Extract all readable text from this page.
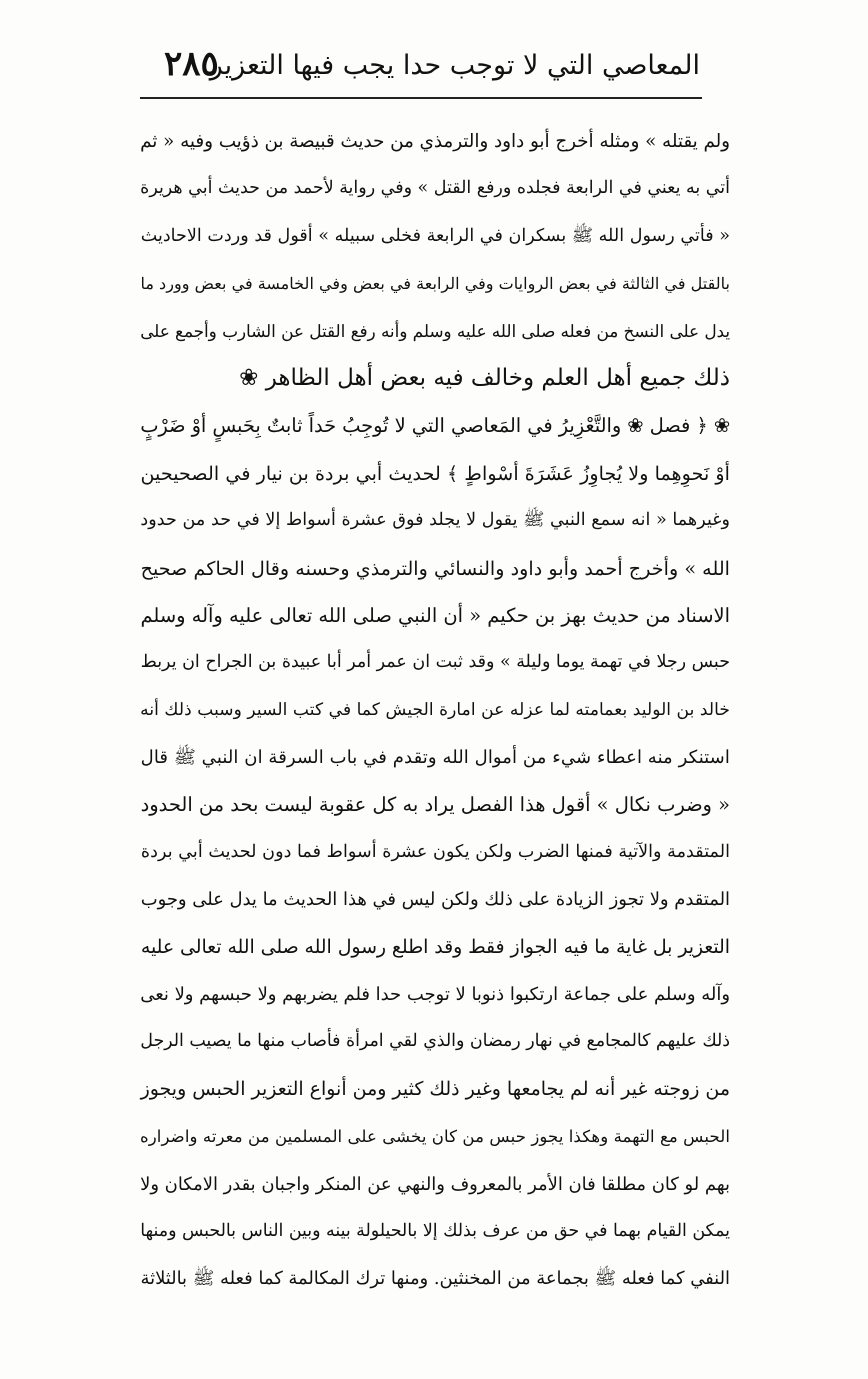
المعاصي التي لا توجب حدا يجب فيها التعزير
٢٨٥
ولم يقتله » ومثله أخرج أبو داود والترمذي من حديث قبيصة بن ذؤيب وفيه « ثم
أتي به يعني في الرابعة فجلده ورفع القتل » وفي رواية لأحمد من حديث أبي هريرة
« فأتي رسول الله ﷺ بسكران في الرابعة فخلى سبيله » أقول قد وردت الاحاديث
بالقتل في الثالثة في بعض الروايات وفي الرابعة في بعض وفي الخامسة في بعض وورد ما
يدل على النسخ من فعله صلى الله عليه وسلم وأنه رفع القتل عن الشارب وأجمع على
ذلك جميع أهل العلم وخالف فيه بعض أهل الظاهر ❀
❀ ﴿ فصل ❀ والتَّعْزِيرُ في المَعاصي التي لا تُوجِبُ حَداً ثابتٌ بِحَبسٍ أوْ ضَرْبٍ
أوْ نَحوِهِما ولا يُجاوِزُ عَشَرَةَ أسْواطٍ ﴾ لحديث أبي بردة بن نيار في الصحيحين
وغيرهما « انه سمع النبي ﷺ يقول لا يجلد فوق عشرة أسواط إلا في حد من حدود
الله » وأخرج أحمد وأبو داود والنسائي والترمذي وحسنه وقال الحاكم صحيح
الاسناد من حديث بهز بن حكيم « أن النبي صلى الله تعالى عليه وآله وسلم
حبس رجلا في تهمة يوما وليلة » وقد ثبت ان عمر أمر أبا عبيدة بن الجراح ان يربط
خالد بن الوليد بعمامته لما عزله عن امارة الجيش كما في كتب السير وسبب ذلك أنه
استنكر منه اعطاء شيء من أموال الله وتقدم في باب السرقة ان النبي ﷺ قال
« وضرب نكال » أقول هذا الفصل يراد به كل عقوبة ليست بحد من الحدود
المتقدمة والآتية فمنها الضرب ولكن يكون عشرة أسواط فما دون لحديث أبي بردة
المتقدم ولا تجوز الزيادة على ذلك ولكن ليس في هذا الحديث ما يدل على وجوب
التعزير بل غاية ما فيه الجواز فقط وقد اطلع رسول الله صلى الله تعالى عليه
وآله وسلم على جماعة ارتكبوا ذنوبا لا توجب حدا فلم يضربهم ولا حبسهم ولا نعى
ذلك عليهم كالمجامع في نهار رمضان والذي لقي امرأة فأصاب منها ما يصيب الرجل
من زوجته غير أنه لم يجامعها وغير ذلك كثير ومن أنواع التعزير الحبس ويجوز
الحبس مع التهمة وهكذا يجوز حبس من كان يخشى على المسلمين من معرته واضراره
بهم لو كان مطلقا فان الأمر بالمعروف والنهي عن المنكر واجبان بقدر الامكان ولا
يمكن القيام بهما في حق من عرف بذلك إلا بالحيلولة بينه وبين الناس بالحبس ومنها
النفي كما فعله ﷺ بجماعة من المخنثين. ومنها ترك المكالمة كما فعله ﷺ بالثلاثة
